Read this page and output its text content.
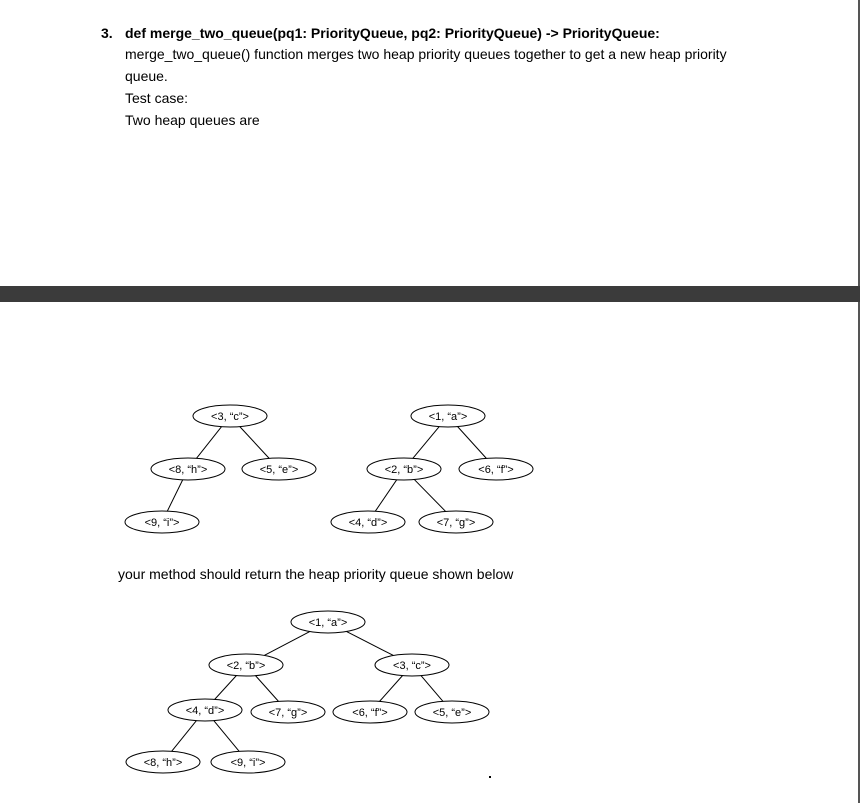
3. def merge_two_queue(pq1: PriorityQueue, pq2: PriorityQueue) -> PriorityQueue:
merge_two_queue() function merges two heap priority queues together to get a new heap priority
queue.
Test case:
Two heap queues are
your method should return the heap priority queue shown below
<3, “c”>
<8, “h”>	<5, “e”>
<9, “i”>
<1, “a”>
<2, “b”>	<6, “f”>
<4, “d”>	<7, “g”>
<1, “a”>
<2, “b”>	<3, “c”>
<4, “d”>	<7, “g”>	<6, “f”>	<5, “e”>
<8, “h”>	<9, “i”>
